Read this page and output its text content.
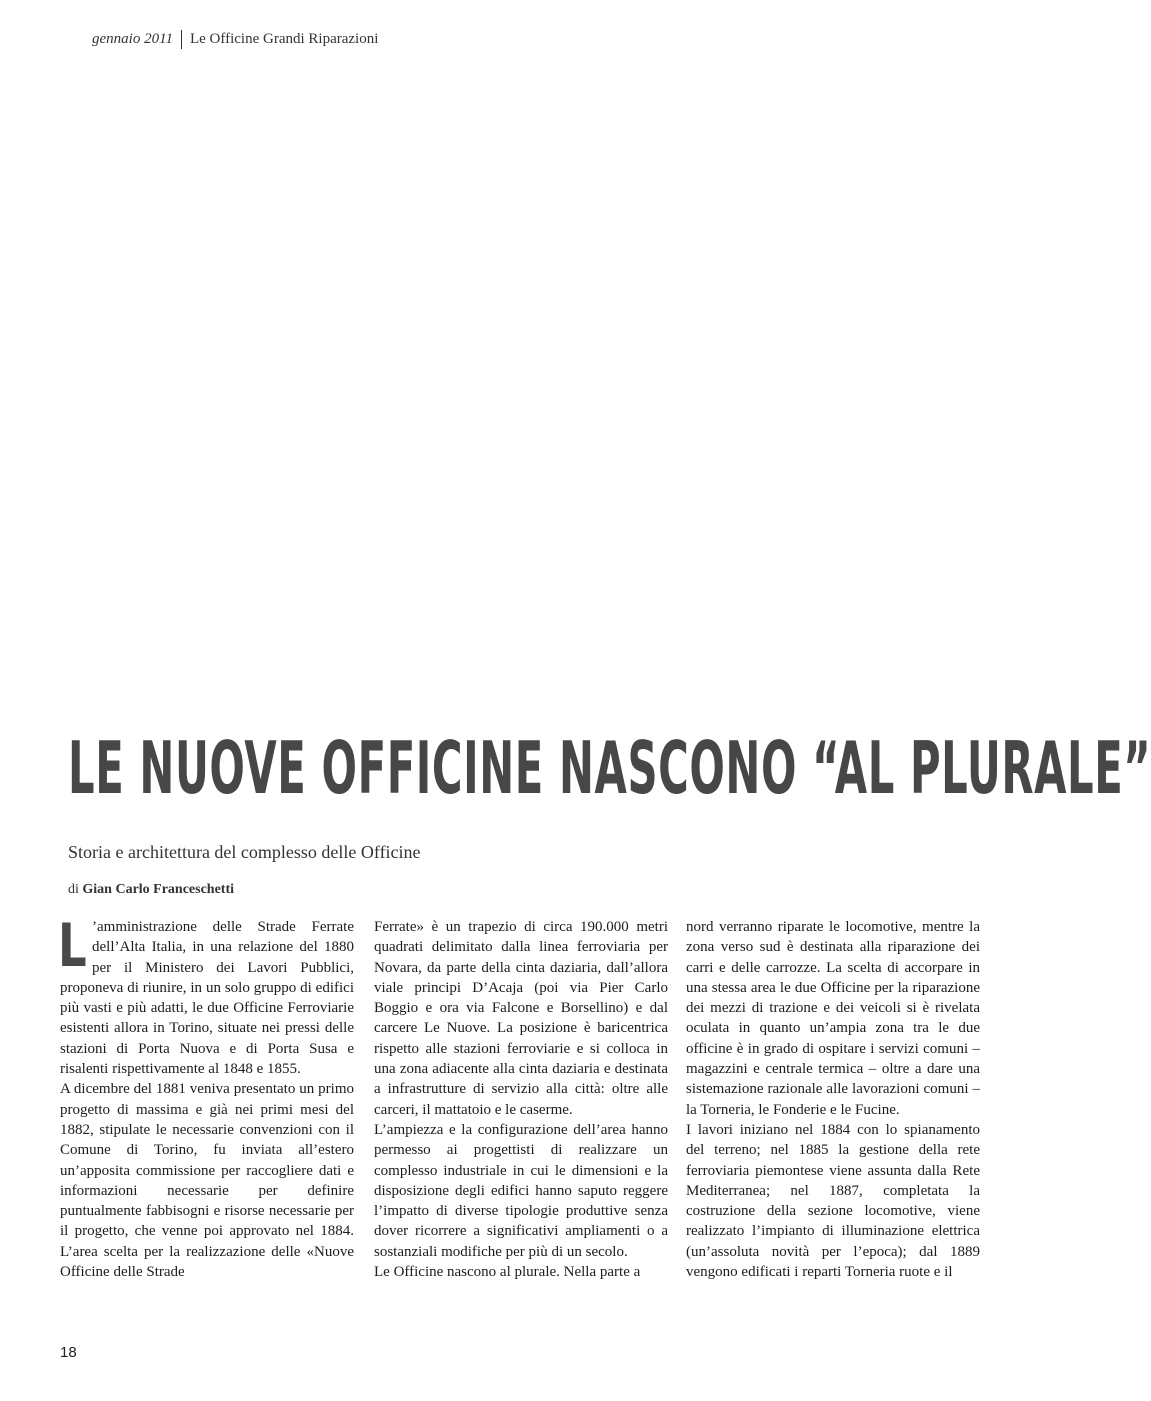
gennaio 2011 Le Officine Grandi Riparazioni
LE NUOVE OFFICINE NASCONO “AL PLURALE”
Storia e architettura del complesso delle Officine
di Gian Carlo Franceschetti

L ’amministrazione delle Strade Ferrate dell’Alta Italia, in una relazione del 1880 per il Ministero dei Lavori Pubblici, proponeva di riunire, in un solo gruppo di edifici più vasti e più adatti, le due Officine Ferroviarie esistenti allora in Torino, situate nei pressi delle stazioni di Porta Nuova e di Porta Susa e risalenti rispettivamente al 1848 e 1855.

A dicembre del 1881 veniva presentato un primo progetto di massima e già nei primi mesi del 1882, stipulate le necessarie convenzioni con il Comune di Torino, fu inviata all’estero un’apposita commissione per raccogliere dati e informazioni necessarie per definire puntualmente fabbisogni e risorse necessarie per il progetto, che venne poi approvato nel 1884. L’area scelta per la realizzazione delle «Nuove Officine delle Strade

Ferrate» è un trapezio di circa 190.000 metri quadrati delimitato dalla linea ferroviaria per Novara, da parte della cinta daziaria, dall’allora viale principi D’Acaja (poi via Pier Carlo Boggio e ora via Falcone e Borsellino) e dal carcere Le Nuove. La posizione è baricentrica rispetto alle stazioni ferroviarie e si colloca in una zona adiacente alla cinta daziaria e destinata a infrastrutture di servizio alla città: oltre alle carceri, il mattatoio e le caserme.

L’ampiezza e la configurazione dell’area hanno permesso ai progettisti di realizzare un complesso industriale in cui le dimensioni e la disposizione degli edifici hanno saputo reggere l’impatto di diverse tipologie produttive senza dover ricorrere a significativi ampliamenti o a sostanziali modifiche per più di un secolo.

Le Officine nascono al plurale. Nella parte a

nord verranno riparate le locomotive, mentre la zona verso sud è destinata alla riparazione dei carri e delle carrozze. La scelta di accorpare in una stessa area le due Officine per la riparazione dei mezzi di trazione e dei veicoli si è rivelata oculata in quanto un’ampia zona tra le due officine è in grado di ospitare i servizi comuni – magazzini e centrale termica – oltre a dare una sistemazione razionale alle lavorazioni comuni – la Torneria, le Fonderie e le Fucine.

I lavori iniziano nel 1884 con lo spianamento del terreno; nel 1885 la gestione della rete ferroviaria piemontese viene assunta dalla Rete Mediterranea; nel 1887, completata la costruzione della sezione locomotive, viene realizzato l’impianto di illuminazione elettrica (un’assoluta novità per l’epoca); dal 1889 vengono edificati i reparti Torneria ruote e il

18
